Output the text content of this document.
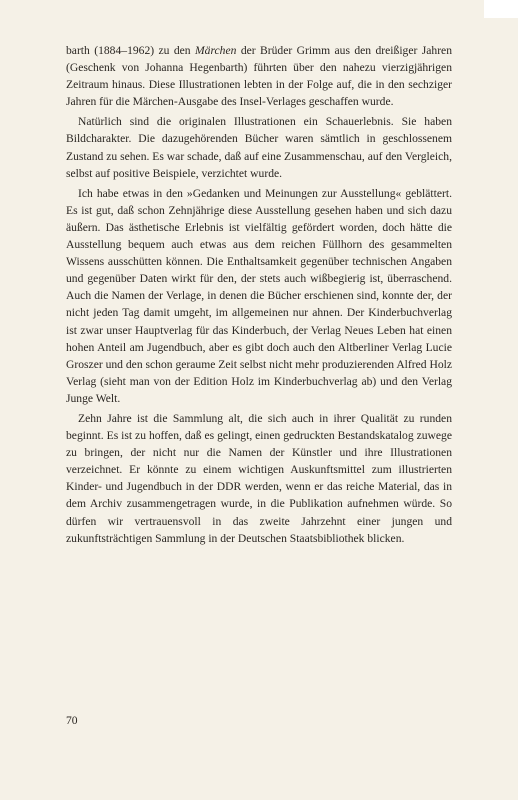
barth (1884–1962) zu den Märchen der Brüder Grimm aus den dreißiger Jahren (Geschenk von Johanna Hegenbarth) führten über den nahezu vierzigjährigen Zeitraum hinaus. Diese Illustrationen lebten in der Folge auf, die in den sechziger Jahren für die Märchen-Ausgabe des Insel-Verlages geschaffen wurde.

Natürlich sind die originalen Illustrationen ein Schauerlebnis. Sie haben Bildcharakter. Die dazugehörenden Bücher waren sämtlich in geschlossenem Zustand zu sehen. Es war schade, daß auf eine Zusammenschau, auf den Vergleich, selbst auf positive Beispiele, verzichtet wurde.

Ich habe etwas in den »Gedanken und Meinungen zur Ausstellung« geblättert. Es ist gut, daß schon Zehnjährige diese Ausstellung gesehen haben und sich dazu äußern. Das ästhetische Erlebnis ist vielfältig gefördert worden, doch hätte die Ausstellung bequem auch etwas aus dem reichen Füllhorn des gesammelten Wissens ausschütten können. Die Enthaltsamkeit gegenüber technischen Angaben und gegenüber Daten wirkt für den, der stets auch wißbegierig ist, überraschend. Auch die Namen der Verlage, in denen die Bücher erschienen sind, konnte der, der nicht jeden Tag damit umgeht, im allgemeinen nur ahnen. Der Kinderbuchverlag ist zwar unser Hauptverlag für das Kinderbuch, der Verlag Neues Leben hat einen hohen Anteil am Jugendbuch, aber es gibt doch auch den Altberliner Verlag Lucie Groszer und den schon geraume Zeit selbst nicht mehr produzierenden Alfred Holz Verlag (sieht man von der Edition Holz im Kinderbuchverlag ab) und den Verlag Junge Welt.

Zehn Jahre ist die Sammlung alt, die sich auch in ihrer Qualität zu runden beginnt. Es ist zu hoffen, daß es gelingt, einen gedruckten Bestandskatalog zuwege zu bringen, der nicht nur die Namen der Künstler und ihre Illustrationen verzeichnet. Er könnte zu einem wichtigen Auskunftsmittel zum illustrierten Kinder- und Jugendbuch in der DDR werden, wenn er das reiche Material, das in dem Archiv zusammengetragen wurde, in die Publikation aufnehmen würde. So dürfen wir vertrauensvoll in das zweite Jahrzehnt einer jungen und zukunftsträchtigen Sammlung in der Deutschen Staatsbibliothek blicken.

70
